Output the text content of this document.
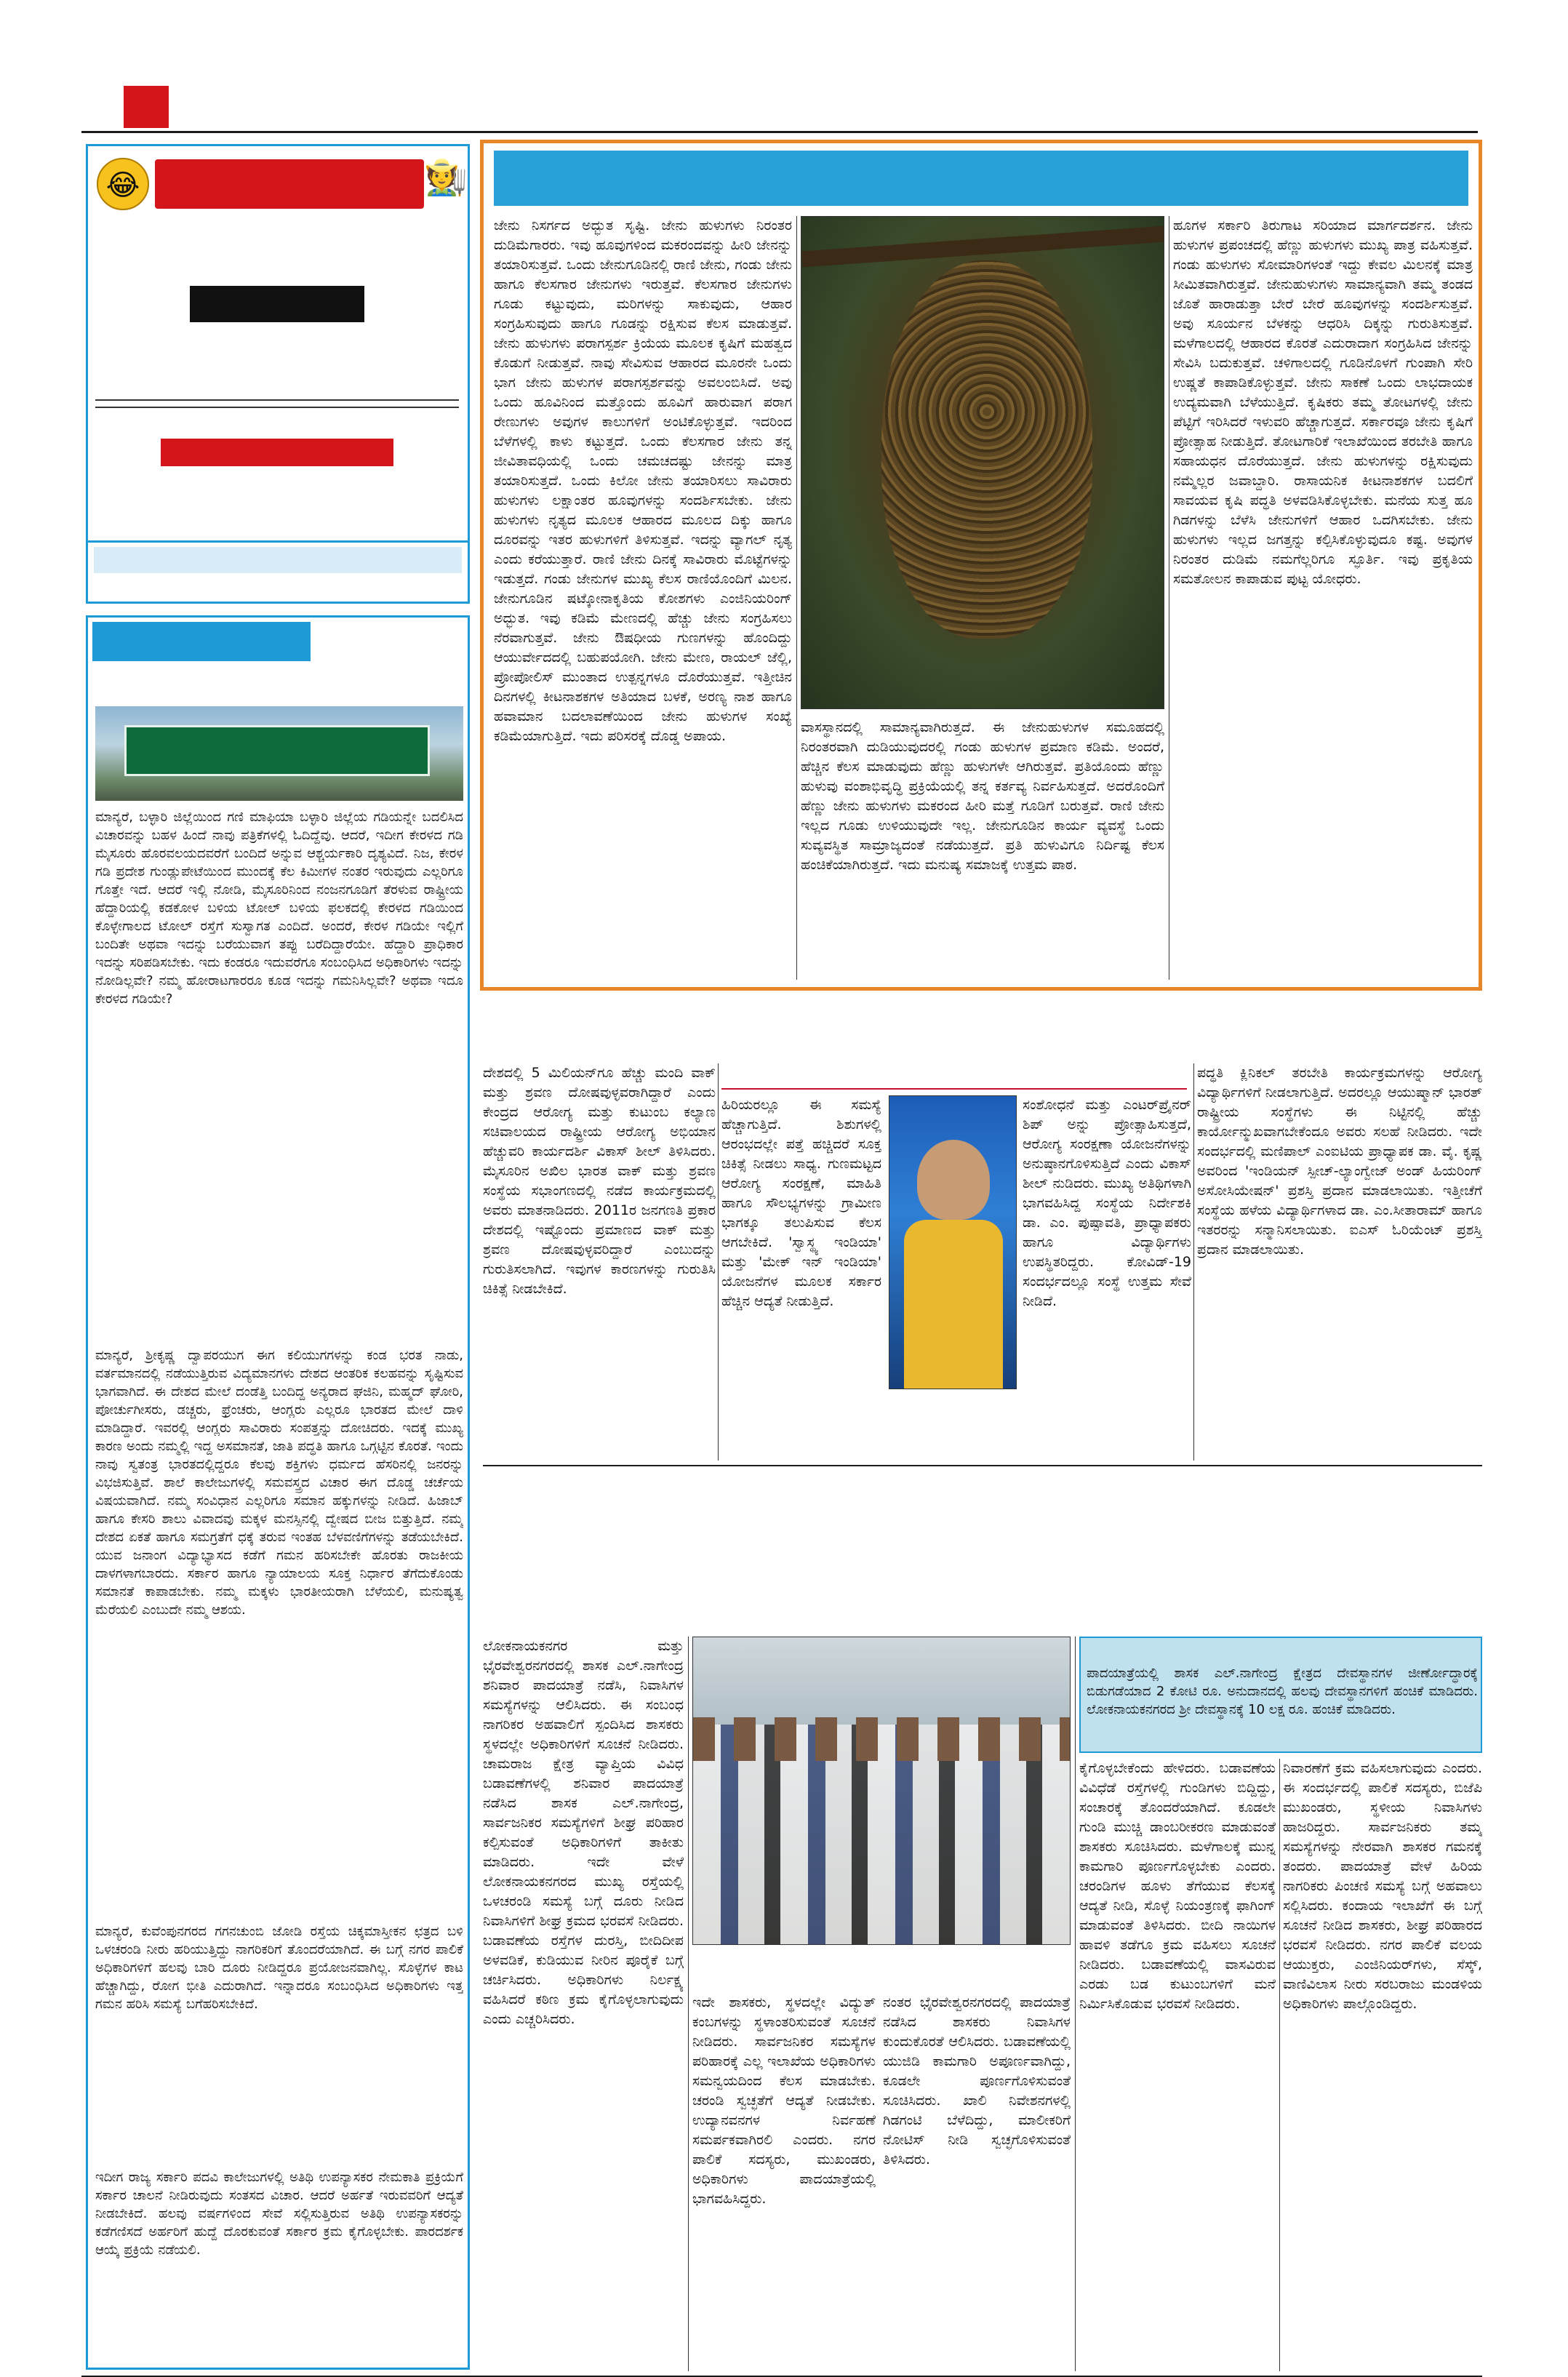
😂	🧑‍🌾
ಮಾನ್ಯರೆ, ಬಳ್ಳಾರಿ ಜಿಲ್ಲೆಯಿಂದ ಗಣಿ ಮಾಫಿಯಾ ಬಳ್ಳಾರಿ ಜಿಲ್ಲೆಯ ಗಡಿಯನ್ನೇ ಬದಲಿಸಿದ ವಿಚಾರವನ್ನು ಬಹಳ ಹಿಂದೆ ನಾವು ಪತ್ರಿಕೆಗಳಲ್ಲಿ ಓದಿದ್ದೆವು. ಆದರೆ, ಇದೀಗ ಕೇರಳದ ಗಡಿ ಮೈಸೂರು ಹೊರವಲಯದವರೆಗೆ ಬಂದಿದೆ ಅನ್ನುವ ಆಶ್ಚರ್ಯಕಾರಿ ದೃಶ್ಯವಿದೆ. ನಿಜ, ಕೇರಳ ಗಡಿ ಪ್ರದೇಶ ಗುಂಡ್ಲುಪೇಟೆಯಿಂದ ಮುಂದಕ್ಕೆ ಕೆಲ ಕಿಮೀಗಳ ನಂತರ ಇರುವುದು ಎಲ್ಲರಿಗೂ ಗೊತ್ತೇ ಇದೆ. ಆದರೆ ಇಲ್ಲಿ ನೋಡಿ, ಮೈಸೂರಿನಿಂದ ನಂಜನಗೂಡಿಗೆ ತೆರಳುವ ರಾಷ್ಟ್ರೀಯ ಹೆದ್ದಾರಿಯಲ್ಲಿ ಕಡಕೋಳ ಬಳಿಯ ಟೋಲ್ ಬಳಿಯ ಫಲಕದಲ್ಲಿ ಕೇರಳದ ಗಡಿಯಿಂದ ಕೊಳ್ಳೇಗಾಲದ ಟೋಲ್ ರಸ್ತೆಗೆ ಸುಸ್ವಾಗತ ಎಂದಿದೆ. ಅಂದರೆ, ಕೇರಳ ಗಡಿಯೇ ಇಲ್ಲಿಗೆ ಬಂದಿತೇ ಅಥವಾ ಇದನ್ನು ಬರೆಯುವಾಗ ತಪ್ಪು ಬರೆದಿದ್ದಾರೆಯೇ. ಹೆದ್ದಾರಿ ಪ್ರಾಧಿಕಾರ ಇದನ್ನು ಸರಿಪಡಿಸಬೇಕು. ಇದು ಕಂಡರೂ ಇದುವರೆಗೂ ಸಂಬಂಧಿಸಿದ ಅಧಿಕಾರಿಗಳು ಇದನ್ನು ನೋಡಿಲ್ಲವೇ? ನಮ್ಮ ಹೋರಾಟಗಾರರೂ ಕೂಡ ಇದನ್ನು ಗಮನಿಸಿಲ್ಲವೇ? ಅಥವಾ ಇದೂ ಕೇರಳದ ಗಡಿಯೇ?
ಮಾನ್ಯರೆ, ಶ್ರೀಕೃಷ್ಣ ದ್ವಾಪರಯುಗ ಈಗ ಕಲಿಯುಗಗಳನ್ನು ಕಂಡ ಭರತ ನಾಡು, ವರ್ತಮಾನದಲ್ಲಿ ನಡೆಯುತ್ತಿರುವ ವಿದ್ಯಮಾನಗಳು ದೇಶದ ಆಂತರಿಕ ಕಲಹವನ್ನು ಸೃಷ್ಟಿಸುವ ಭಾಗವಾಗಿದೆ. ಈ ದೇಶದ ಮೇಲೆ ದಂಡೆತ್ತಿ ಬಂದಿದ್ದ ಅನ್ಯರಾದ ಘಜಿನಿ, ಮಹ್ಮದ್ ಘೋರಿ, ಪೋರ್ಚುಗೀಸರು, ಡಚ್ಚರು, ಫ್ರೆಂಚರು, ಆಂಗ್ಲರು ಎಲ್ಲರೂ ಭಾರತದ ಮೇಲೆ ದಾಳಿ ಮಾಡಿದ್ದಾರೆ. ಇವರಲ್ಲಿ ಆಂಗ್ಲರು ಸಾವಿರಾರು ಸಂಪತ್ತನ್ನು ದೋಚಿದರು. ಇದಕ್ಕೆ ಮುಖ್ಯ ಕಾರಣ ಅಂದು ನಮ್ಮಲ್ಲಿ ಇದ್ದ ಅಸಮಾನತೆ, ಜಾತಿ ಪದ್ಧತಿ ಹಾಗೂ ಒಗ್ಗಟ್ಟಿನ ಕೊರತೆ. ಇಂದು ನಾವು ಸ್ವತಂತ್ರ ಭಾರತದಲ್ಲಿದ್ದರೂ ಕೆಲವು ಶಕ್ತಿಗಳು ಧರ್ಮದ ಹೆಸರಿನಲ್ಲಿ ಜನರನ್ನು ವಿಭಜಿಸುತ್ತಿವೆ. ಶಾಲೆ ಕಾಲೇಜುಗಳಲ್ಲಿ ಸಮವಸ್ತ್ರದ ವಿಚಾರ ಈಗ ದೊಡ್ಡ ಚರ್ಚೆಯ ವಿಷಯವಾಗಿದೆ. ನಮ್ಮ ಸಂವಿಧಾನ ಎಲ್ಲರಿಗೂ ಸಮಾನ ಹಕ್ಕುಗಳನ್ನು ನೀಡಿದೆ. ಹಿಜಾಬ್ ಹಾಗೂ ಕೇಸರಿ ಶಾಲು ವಿವಾದವು ಮಕ್ಕಳ ಮನಸ್ಸಿನಲ್ಲಿ ದ್ವೇಷದ ಬೀಜ ಬಿತ್ತುತ್ತಿದೆ. ನಮ್ಮ ದೇಶದ ಏಕತೆ ಹಾಗೂ ಸಮಗ್ರತೆಗೆ ಧಕ್ಕೆ ತರುವ ಇಂತಹ ಬೆಳವಣಿಗೆಗಳನ್ನು ತಡೆಯಬೇಕಿದೆ. ಯುವ ಜನಾಂಗ ವಿದ್ಯಾಭ್ಯಾಸದ ಕಡೆಗೆ ಗಮನ ಹರಿಸಬೇಕೇ ಹೊರತು ರಾಜಕೀಯ ದಾಳಗಳಾಗಬಾರದು. ಸರ್ಕಾರ ಹಾಗೂ ನ್ಯಾಯಾಲಯ ಸೂಕ್ತ ನಿರ್ಧಾರ ತೆಗೆದುಕೊಂಡು ಸಮಾನತೆ ಕಾಪಾಡಬೇಕು. ನಮ್ಮ ಮಕ್ಕಳು ಭಾರತೀಯರಾಗಿ ಬೆಳೆಯಲಿ, ಮನುಷ್ಯತ್ವ ಮೆರೆಯಲಿ ಎಂಬುದೇ ನಮ್ಮ ಆಶಯ.
ಮಾನ್ಯರೆ, ಕುವೆಂಪುನಗರದ ಗಗನಚುಂಬಿ ಜೋಡಿ ರಸ್ತೆಯ ಚಿಕ್ಕಮಾಸ್ತೀಕನ ಛತ್ರದ ಬಳಿ ಒಳಚರಂಡಿ ನೀರು ಹರಿಯುತ್ತಿದ್ದು ನಾಗರಿಕರಿಗೆ ತೊಂದರೆಯಾಗಿದೆ. ಈ ಬಗ್ಗೆ ನಗರ ಪಾಲಿಕೆ ಅಧಿಕಾರಿಗಳಿಗೆ ಹಲವು ಬಾರಿ ದೂರು ನೀಡಿದ್ದರೂ ಪ್ರಯೋಜನವಾಗಿಲ್ಲ. ಸೊಳ್ಳೆಗಳ ಕಾಟ ಹೆಚ್ಚಾಗಿದ್ದು, ರೋಗ ಭೀತಿ ಎದುರಾಗಿದೆ. ಇನ್ನಾದರೂ ಸಂಬಂಧಿಸಿದ ಅಧಿಕಾರಿಗಳು ಇತ್ತ ಗಮನ ಹರಿಸಿ ಸಮಸ್ಯೆ ಬಗೆಹರಿಸಬೇಕಿದೆ.
ಇದೀಗ ರಾಜ್ಯ ಸರ್ಕಾರಿ ಪದವಿ ಕಾಲೇಜುಗಳಲ್ಲಿ ಅತಿಥಿ ಉಪನ್ಯಾಸಕರ ನೇಮಕಾತಿ ಪ್ರಕ್ರಿಯೆಗೆ ಸರ್ಕಾರ ಚಾಲನೆ ನೀಡಿರುವುದು ಸಂತಸದ ವಿಚಾರ. ಆದರೆ ಅರ್ಹತೆ ಇರುವವರಿಗೆ ಆದ್ಯತೆ ನೀಡಬೇಕಿದೆ. ಹಲವು ವರ್ಷಗಳಿಂದ ಸೇವೆ ಸಲ್ಲಿಸುತ್ತಿರುವ ಅತಿಥಿ ಉಪನ್ಯಾಸಕರನ್ನು ಕಡೆಗಣಿಸದೆ ಅರ್ಹರಿಗೆ ಹುದ್ದೆ ದೊರಕುವಂತೆ ಸರ್ಕಾರ ಕ್ರಮ ಕೈಗೊಳ್ಳಬೇಕು. ಪಾರದರ್ಶಕ ಆಯ್ಕೆ ಪ್ರಕ್ರಿಯೆ ನಡೆಯಲಿ.
ಜೇನು ನಿಸರ್ಗದ ಅದ್ಭುತ ಸೃಷ್ಟಿ. ಜೇನು ಹುಳುಗಳು ನಿರಂತರ ದುಡಿಮೆಗಾರರು. ಇವು ಹೂವುಗಳಿಂದ ಮಕರಂದವನ್ನು ಹೀರಿ ಜೇನನ್ನು ತಯಾರಿಸುತ್ತವೆ. ಒಂದು ಜೇನುಗೂಡಿನಲ್ಲಿ ರಾಣಿ ಜೇನು, ಗಂಡು ಜೇನು ಹಾಗೂ ಕೆಲಸಗಾರ ಜೇನುಗಳು ಇರುತ್ತವೆ. ಕೆಲಸಗಾರ ಜೇನುಗಳು ಗೂಡು ಕಟ್ಟುವುದು, ಮರಿಗಳನ್ನು ಸಾಕುವುದು, ಆಹಾರ ಸಂಗ್ರಹಿಸುವುದು ಹಾಗೂ ಗೂಡನ್ನು ರಕ್ಷಿಸುವ ಕೆಲಸ ಮಾಡುತ್ತವೆ. ಜೇನು ಹುಳುಗಳು ಪರಾಗಸ್ಪರ್ಶ ಕ್ರಿಯೆಯ ಮೂಲಕ ಕೃಷಿಗೆ ಮಹತ್ವದ ಕೊಡುಗೆ ನೀಡುತ್ತವೆ. ನಾವು ಸೇವಿಸುವ ಆಹಾರದ ಮೂರನೇ ಒಂದು ಭಾಗ ಜೇನು ಹುಳುಗಳ ಪರಾಗಸ್ಪರ್ಶವನ್ನು ಅವಲಂಬಿಸಿದೆ. ಅವು ಒಂದು ಹೂವಿನಿಂದ ಮತ್ತೊಂದು ಹೂವಿಗೆ ಹಾರುವಾಗ ಪರಾಗ ರೇಣುಗಳು ಅವುಗಳ ಕಾಲುಗಳಿಗೆ ಅಂಟಿಕೊಳ್ಳುತ್ತವೆ. ಇದರಿಂದ ಬೆಳೆಗಳಲ್ಲಿ ಕಾಳು ಕಟ್ಟುತ್ತದೆ. ಒಂದು ಕೆಲಸಗಾರ ಜೇನು ತನ್ನ ಜೀವಿತಾವಧಿಯಲ್ಲಿ ಒಂದು ಚಮಚದಷ್ಟು ಜೇನನ್ನು ಮಾತ್ರ ತಯಾರಿಸುತ್ತದೆ. ಒಂದು ಕಿಲೋ ಜೇನು ತಯಾರಿಸಲು ಸಾವಿರಾರು ಹುಳುಗಳು ಲಕ್ಷಾಂತರ ಹೂವುಗಳನ್ನು ಸಂದರ್ಶಿಸಬೇಕು. ಜೇನು ಹುಳುಗಳು ನೃತ್ಯದ ಮೂಲಕ ಆಹಾರದ ಮೂಲದ ದಿಕ್ಕು ಹಾಗೂ ದೂರವನ್ನು ಇತರ ಹುಳುಗಳಿಗೆ ತಿಳಿಸುತ್ತವೆ. ಇದನ್ನು ವ್ಯಾಗಲ್ ನೃತ್ಯ ಎಂದು ಕರೆಯುತ್ತಾರೆ. ರಾಣಿ ಜೇನು ದಿನಕ್ಕೆ ಸಾವಿರಾರು ಮೊಟ್ಟೆಗಳನ್ನು ಇಡುತ್ತದೆ. ಗಂಡು ಜೇನುಗಳ ಮುಖ್ಯ ಕೆಲಸ ರಾಣಿಯೊಂದಿಗೆ ಮಿಲನ. ಜೇನುಗೂಡಿನ ಷಟ್ಕೋನಾಕೃತಿಯ ಕೋಶಗಳು ಎಂಜಿನಿಯರಿಂಗ್ ಅದ್ಭುತ. ಇವು ಕಡಿಮೆ ಮೇಣದಲ್ಲಿ ಹೆಚ್ಚು ಜೇನು ಸಂಗ್ರಹಿಸಲು ನೆರವಾಗುತ್ತವೆ. ಜೇನು ಔಷಧೀಯ ಗುಣಗಳನ್ನು ಹೊಂದಿದ್ದು ಆಯುರ್ವೇದದಲ್ಲಿ ಬಹುಪಯೋಗಿ. ಜೇನು ಮೇಣ, ರಾಯಲ್ ಜೆಲ್ಲಿ, ಪ್ರೋಪೋಲಿಸ್ ಮುಂತಾದ ಉತ್ಪನ್ನಗಳೂ ದೊರೆಯುತ್ತವೆ. ಇತ್ತೀಚಿನ ದಿನಗಳಲ್ಲಿ ಕೀಟನಾಶಕಗಳ ಅತಿಯಾದ ಬಳಕೆ, ಅರಣ್ಯ ನಾಶ ಹಾಗೂ ಹವಾಮಾನ ಬದಲಾವಣೆಯಿಂದ ಜೇನು ಹುಳುಗಳ ಸಂಖ್ಯೆ ಕಡಿಮೆಯಾಗುತ್ತಿದೆ. ಇದು ಪರಿಸರಕ್ಕೆ ದೊಡ್ಡ ಅಪಾಯ.
ವಾಸಸ್ಥಾನದಲ್ಲಿ ಸಾಮಾನ್ಯವಾಗಿರುತ್ತದೆ. ಈ ಜೇನುಹುಳುಗಳ ಸಮೂಹದಲ್ಲಿ ನಿರಂತರವಾಗಿ ದುಡಿಯುವುದರಲ್ಲಿ ಗಂಡು ಹುಳುಗಳ ಪ್ರಮಾಣ ಕಡಿಮೆ. ಅಂದರೆ, ಹೆಚ್ಚಿನ ಕೆಲಸ ಮಾಡುವುದು ಹೆಣ್ಣು ಹುಳುಗಳೇ ಆಗಿರುತ್ತವೆ. ಪ್ರತಿಯೊಂದು ಹೆಣ್ಣು ಹುಳುವು ವಂಶಾಭಿವೃದ್ಧಿ ಪ್ರಕ್ರಿಯೆಯಲ್ಲಿ ತನ್ನ ಕರ್ತವ್ಯ ನಿರ್ವಹಿಸುತ್ತದೆ. ಅದರೊಂದಿಗೆ ಹೆಣ್ಣು ಜೇನು ಹುಳುಗಳು ಮಕರಂದ ಹೀರಿ ಮತ್ತೆ ಗೂಡಿಗೆ ಬರುತ್ತವೆ. ರಾಣಿ ಜೇನು ಇಲ್ಲದ ಗೂಡು ಉಳಿಯುವುದೇ ಇಲ್ಲ. ಜೇನುಗೂಡಿನ ಕಾರ್ಯ ವ್ಯವಸ್ಥೆ ಒಂದು ಸುವ್ಯವಸ್ಥಿತ ಸಾಮ್ರಾಜ್ಯದಂತೆ ನಡೆಯುತ್ತದೆ. ಪ್ರತಿ ಹುಳುವಿಗೂ ನಿರ್ದಿಷ್ಟ ಕೆಲಸ ಹಂಚಿಕೆಯಾಗಿರುತ್ತದೆ. ಇದು ಮನುಷ್ಯ ಸಮಾಜಕ್ಕೆ ಉತ್ತಮ ಪಾಠ.
ಹೂಗಳ ಸರ್ಕಾರಿ ತಿರುಗಾಟ ಸರಿಯಾದ ಮಾರ್ಗದರ್ಶನ. ಜೇನು ಹುಳುಗಳ ಪ್ರಪಂಚದಲ್ಲಿ ಹೆಣ್ಣು ಹುಳುಗಳು ಮುಖ್ಯ ಪಾತ್ರ ವಹಿಸುತ್ತವೆ. ಗಂಡು ಹುಳುಗಳು ಸೋಮಾರಿಗಳಂತೆ ಇದ್ದು ಕೇವಲ ಮಿಲನಕ್ಕೆ ಮಾತ್ರ ಸೀಮಿತವಾಗಿರುತ್ತವೆ. ಜೇನುಹುಳುಗಳು ಸಾಮಾನ್ಯವಾಗಿ ತಮ್ಮ ತಂಡದ ಜೊತೆ ಹಾರಾಡುತ್ತಾ ಬೇರೆ ಬೇರೆ ಹೂವುಗಳನ್ನು ಸಂದರ್ಶಿಸುತ್ತವೆ. ಅವು ಸೂರ್ಯನ ಬೆಳಕನ್ನು ಆಧರಿಸಿ ದಿಕ್ಕನ್ನು ಗುರುತಿಸುತ್ತವೆ. ಮಳೆಗಾಲದಲ್ಲಿ ಆಹಾರದ ಕೊರತೆ ಎದುರಾದಾಗ ಸಂಗ್ರಹಿಸಿದ ಜೇನನ್ನು ಸೇವಿಸಿ ಬದುಕುತ್ತವೆ. ಚಳಿಗಾಲದಲ್ಲಿ ಗೂಡಿನೊಳಗೆ ಗುಂಪಾಗಿ ಸೇರಿ ಉಷ್ಣತೆ ಕಾಪಾಡಿಕೊಳ್ಳುತ್ತವೆ. ಜೇನು ಸಾಕಣೆ ಒಂದು ಲಾಭದಾಯಕ ಉದ್ಯಮವಾಗಿ ಬೆಳೆಯುತ್ತಿದೆ. ಕೃಷಿಕರು ತಮ್ಮ ತೋಟಗಳಲ್ಲಿ ಜೇನು ಪೆಟ್ಟಿಗೆ ಇರಿಸಿದರೆ ಇಳುವರಿ ಹೆಚ್ಚಾಗುತ್ತದೆ. ಸರ್ಕಾರವೂ ಜೇನು ಕೃಷಿಗೆ ಪ್ರೋತ್ಸಾಹ ನೀಡುತ್ತಿದೆ. ತೋಟಗಾರಿಕೆ ಇಲಾಖೆಯಿಂದ ತರಬೇತಿ ಹಾಗೂ ಸಹಾಯಧನ ದೊರೆಯುತ್ತದೆ. ಜೇನು ಹುಳುಗಳನ್ನು ರಕ್ಷಿಸುವುದು ನಮ್ಮೆಲ್ಲರ ಜವಾಬ್ದಾರಿ. ರಾಸಾಯನಿಕ ಕೀಟನಾಶಕಗಳ ಬದಲಿಗೆ ಸಾವಯವ ಕೃಷಿ ಪದ್ಧತಿ ಅಳವಡಿಸಿಕೊಳ್ಳಬೇಕು. ಮನೆಯ ಸುತ್ತ ಹೂ ಗಿಡಗಳನ್ನು ಬೆಳೆಸಿ ಜೇನುಗಳಿಗೆ ಆಹಾರ ಒದಗಿಸಬೇಕು. ಜೇನು ಹುಳುಗಳು ಇಲ್ಲದ ಜಗತ್ತನ್ನು ಕಲ್ಪಿಸಿಕೊಳ್ಳುವುದೂ ಕಷ್ಟ. ಅವುಗಳ ನಿರಂತರ ದುಡಿಮೆ ನಮಗೆಲ್ಲರಿಗೂ ಸ್ಫೂರ್ತಿ. ಇವು ಪ್ರಕೃತಿಯ ಸಮತೋಲನ ಕಾಪಾಡುವ ಪುಟ್ಟ ಯೋಧರು.
ದೇಶದಲ್ಲಿ 5 ಮಿಲಿಯನ್‌ಗೂ ಹೆಚ್ಚು ಮಂದಿ ವಾಕ್ ಮತ್ತು ಶ್ರವಣ ದೋಷವುಳ್ಳವರಾಗಿದ್ದಾರೆ ಎಂದು ಕೇಂದ್ರದ ಆರೋಗ್ಯ ಮತ್ತು ಕುಟುಂಬ ಕಲ್ಯಾಣ ಸಚಿವಾಲಯದ ರಾಷ್ಟ್ರೀಯ ಆರೋಗ್ಯ ಅಭಿಯಾನ ಹೆಚ್ಚುವರಿ ಕಾರ್ಯದರ್ಶಿ ವಿಕಾಸ್ ಶೀಲ್ ತಿಳಿಸಿದರು. ಮೈಸೂರಿನ ಅಖಿಲ ಭಾರತ ವಾಕ್ ಮತ್ತು ಶ್ರವಣ ಸಂಸ್ಥೆಯ ಸಭಾಂಗಣದಲ್ಲಿ ನಡೆದ ಕಾರ್ಯಕ್ರಮದಲ್ಲಿ ಅವರು ಮಾತನಾಡಿದರು. 2011ರ ಜನಗಣತಿ ಪ್ರಕಾರ ದೇಶದಲ್ಲಿ ಇಷ್ಟೊಂದು ಪ್ರಮಾಣದ ವಾಕ್ ಮತ್ತು ಶ್ರವಣ ದೋಷವುಳ್ಳವರಿದ್ದಾರೆ ಎಂಬುದನ್ನು ಗುರುತಿಸಲಾಗಿದೆ. ಇವುಗಳ ಕಾರಣಗಳನ್ನು ಗುರುತಿಸಿ ಚಿಕಿತ್ಸೆ ನೀಡಬೇಕಿದೆ.
ಹಿರಿಯರಲ್ಲೂ ಈ ಸಮಸ್ಯೆ ಹೆಚ್ಚಾಗುತ್ತಿದೆ. ಶಿಶುಗಳಲ್ಲಿ ಆರಂಭದಲ್ಲೇ ಪತ್ತೆ ಹಚ್ಚಿದರೆ ಸೂಕ್ತ ಚಿಕಿತ್ಸೆ ನೀಡಲು ಸಾಧ್ಯ. ಗುಣಮಟ್ಟದ ಆರೋಗ್ಯ ಸಂರಕ್ಷಣೆ, ಮಾಹಿತಿ ಹಾಗೂ ಸೌಲಭ್ಯಗಳನ್ನು ಗ್ರಾಮೀಣ ಭಾಗಕ್ಕೂ ತಲುಪಿಸುವ ಕೆಲಸ ಆಗಬೇಕಿದೆ. 'ಸ್ವಾಸ್ಥ್ಯ ಇಂಡಿಯಾ' ಮತ್ತು 'ಮೇಕ್ ಇನ್ ಇಂಡಿಯಾ' ಯೋಜನೆಗಳ ಮೂಲಕ ಸರ್ಕಾರ ಹೆಚ್ಚಿನ ಆದ್ಯತೆ ನೀಡುತ್ತಿದೆ.
ಸಂಶೋಧನೆ ಮತ್ತು ಎಂಟರ್‌ಪ್ರೈನರ್ ಶಿಪ್ ಅನ್ನು ಪ್ರೋತ್ಸಾಹಿಸುತ್ತದೆ, ಆರೋಗ್ಯ ಸಂರಕ್ಷಣಾ ಯೋಜನೆಗಳನ್ನು ಅನುಷ್ಠಾನಗೊಳಿಸುತ್ತಿದೆ ಎಂದು ವಿಕಾಸ್ ಶೀಲ್ ನುಡಿದರು. ಮುಖ್ಯ ಅತಿಥಿಗಳಾಗಿ ಭಾಗವಹಿಸಿದ್ದ ಸಂಸ್ಥೆಯ ನಿರ್ದೇಶಕಿ ಡಾ. ಎಂ. ಪುಷ್ಪಾವತಿ, ಪ್ರಾಧ್ಯಾಪಕರು ಹಾಗೂ ವಿದ್ಯಾರ್ಥಿಗಳು ಉಪಸ್ಥಿತರಿದ್ದರು. ಕೋವಿಡ್-19 ಸಂದರ್ಭದಲ್ಲೂ ಸಂಸ್ಥೆ ಉತ್ತಮ ಸೇವೆ ನೀಡಿದೆ.
ಪದ್ಧತಿ ಕ್ಲಿನಿಕಲ್ ತರಬೇತಿ ಕಾರ್ಯಕ್ರಮಗಳನ್ನು ಆರೋಗ್ಯ ವಿದ್ಯಾರ್ಥಿಗಳಿಗೆ ನೀಡಲಾಗುತ್ತಿದೆ. ಅದರಲ್ಲೂ ಆಯುಷ್ಮಾನ್ ಭಾರತ್ ರಾಷ್ಟ್ರೀಯ ಸಂಸ್ಥೆಗಳು ಈ ನಿಟ್ಟಿನಲ್ಲಿ ಹೆಚ್ಚು ಕಾರ್ಯೋನ್ಮುಖವಾಗಬೇಕೆಂದೂ ಅವರು ಸಲಹೆ ನೀಡಿದರು. ಇದೇ ಸಂದರ್ಭದಲ್ಲಿ ಮಣಿಪಾಲ್ ಎಂಐಟಿಯ ಪ್ರಾಧ್ಯಾಪಕ ಡಾ. ವೈ. ಕೃಷ್ಣ ಅವರಿಂದ 'ಇಂಡಿಯನ್ ಸ್ಪೀಚ್-ಲ್ಯಾಂಗ್ವೇಜ್ ಅಂಡ್ ಹಿಯರಿಂಗ್ ಅಸೋಸಿಯೇಷನ್' ಪ್ರಶಸ್ತಿ ಪ್ರದಾನ ಮಾಡಲಾಯಿತು. ಇತ್ತೀಚೆಗೆ ಸಂಸ್ಥೆಯ ಹಳೆಯ ವಿದ್ಯಾರ್ಥಿಗಳಾದ ಡಾ. ಎಂ.ಸೀತಾರಾಮ್ ಹಾಗೂ ಇತರರನ್ನು ಸನ್ಮಾನಿಸಲಾಯಿತು. ಐಎಸ್ ಓರಿಯೆಂಟ್ ಪ್ರಶಸ್ತಿ ಪ್ರದಾನ ಮಾಡಲಾಯಿತು.
ಲೋಕನಾಯಕನಗರ ಮತ್ತು ಭೈರವೇಶ್ವರನಗರದಲ್ಲಿ ಶಾಸಕ ಎಲ್.ನಾಗೇಂದ್ರ ಶನಿವಾರ ಪಾದಯಾತ್ರೆ ನಡೆಸಿ, ನಿವಾಸಿಗಳ ಸಮಸ್ಯೆಗಳನ್ನು ಆಲಿಸಿದರು. ಈ ಸಂಬಂಧ ನಾಗರಿಕರ ಅಹವಾಲಿಗೆ ಸ್ಪಂದಿಸಿದ ಶಾಸಕರು ಸ್ಥಳದಲ್ಲೇ ಅಧಿಕಾರಿಗಳಿಗೆ ಸೂಚನೆ ನೀಡಿದರು. ಚಾಮರಾಜ ಕ್ಷೇತ್ರ ವ್ಯಾಪ್ತಿಯ ವಿವಿಧ ಬಡಾವಣೆಗಳಲ್ಲಿ ಶನಿವಾರ ಪಾದಯಾತ್ರೆ ನಡೆಸಿದ ಶಾಸಕ ಎಲ್.ನಾಗೇಂದ್ರ, ಸಾರ್ವಜನಿಕರ ಸಮಸ್ಯೆಗಳಿಗೆ ಶೀಘ್ರ ಪರಿಹಾರ ಕಲ್ಪಿಸುವಂತೆ ಅಧಿಕಾರಿಗಳಿಗೆ ತಾಕೀತು ಮಾಡಿದರು. ಇದೇ ವೇಳೆ ಲೋಕನಾಯಕನಗರದ ಮುಖ್ಯ ರಸ್ತೆಯಲ್ಲಿ ಒಳಚರಂಡಿ ಸಮಸ್ಯೆ ಬಗ್ಗೆ ದೂರು ನೀಡಿದ ನಿವಾಸಿಗಳಿಗೆ ಶೀಘ್ರ ಕ್ರಮದ ಭರವಸೆ ನೀಡಿದರು. ಬಡಾವಣೆಯ ರಸ್ತೆಗಳ ದುರಸ್ತಿ, ಬೀದಿದೀಪ ಅಳವಡಿಕೆ, ಕುಡಿಯುವ ನೀರಿನ ಪೂರೈಕೆ ಬಗ್ಗೆ ಚರ್ಚಿಸಿದರು. ಅಧಿಕಾರಿಗಳು ನಿರ್ಲಕ್ಷ್ಯ ವಹಿಸಿದರೆ ಕಠಿಣ ಕ್ರಮ ಕೈಗೊಳ್ಳಲಾಗುವುದು ಎಂದು ಎಚ್ಚರಿಸಿದರು.
ಇದೇ ಶಾಸಕರು, ಸ್ಥಳದಲ್ಲೇ ವಿದ್ಯುತ್ ಕಂಬಗಳನ್ನು ಸ್ಥಳಾಂತರಿಸುವಂತೆ ಸೂಚನೆ ನೀಡಿದರು. ಸಾರ್ವಜನಿಕರ ಸಮಸ್ಯೆಗಳ ಪರಿಹಾರಕ್ಕೆ ಎಲ್ಲ ಇಲಾಖೆಯ ಅಧಿಕಾರಿಗಳು ಸಮನ್ವಯದಿಂದ ಕೆಲಸ ಮಾಡಬೇಕು. ಚರಂಡಿ ಸ್ವಚ್ಛತೆಗೆ ಆದ್ಯತೆ ನೀಡಬೇಕು. ಉದ್ಯಾನವನಗಳ ನಿರ್ವಹಣೆ ಸಮರ್ಪಕವಾಗಿರಲಿ ಎಂದರು. ನಗರ ಪಾಲಿಕೆ ಸದಸ್ಯರು, ಮುಖಂಡರು, ಅಧಿಕಾರಿಗಳು ಪಾದಯಾತ್ರೆಯಲ್ಲಿ ಭಾಗವಹಿಸಿದ್ದರು.
ನಂತರ ಭೈರವೇಶ್ವರನಗರದಲ್ಲಿ ಪಾದಯಾತ್ರೆ ನಡೆಸಿದ ಶಾಸಕರು ನಿವಾಸಿಗಳ ಕುಂದುಕೊರತೆ ಆಲಿಸಿದರು. ಬಡಾವಣೆಯಲ್ಲಿ ಯುಜಿಡಿ ಕಾಮಗಾರಿ ಅಪೂರ್ಣವಾಗಿದ್ದು, ಕೂಡಲೇ ಪೂರ್ಣಗೊಳಿಸುವಂತೆ ಸೂಚಿಸಿದರು. ಖಾಲಿ ನಿವೇಶನಗಳಲ್ಲಿ ಗಿಡಗಂಟಿ ಬೆಳೆದಿದ್ದು, ಮಾಲೀಕರಿಗೆ ನೋಟಿಸ್ ನೀಡಿ ಸ್ವಚ್ಛಗೊಳಿಸುವಂತೆ ತಿಳಿಸಿದರು.
ಪಾದಯಾತ್ರೆಯಲ್ಲಿ ಶಾಸಕ ಎಲ್.ನಾಗೇಂದ್ರ ಕ್ಷೇತ್ರದ ದೇವಸ್ಥಾನಗಳ ಜೀರ್ಣೋದ್ಧಾರಕ್ಕೆ ಬಿಡುಗಡೆಯಾದ 2 ಕೋಟಿ ರೂ. ಅನುದಾನದಲ್ಲಿ ಹಲವು ದೇವಸ್ಥಾನಗಳಿಗೆ ಹಂಚಿಕೆ ಮಾಡಿದರು. ಲೋಕನಾಯಕನಗರದ ಶ್ರೀ ದೇವಸ್ಥಾನಕ್ಕೆ 10 ಲಕ್ಷ ರೂ. ಹಂಚಿಕೆ ಮಾಡಿದರು.
ಕೈಗೊಳ್ಳಬೇಕೆಂದು ಹೇಳಿದರು. ಬಡಾವಣೆಯ ವಿವಿಧೆಡೆ ರಸ್ತೆಗಳಲ್ಲಿ ಗುಂಡಿಗಳು ಬಿದ್ದಿದ್ದು, ಸಂಚಾರಕ್ಕೆ ತೊಂದರೆಯಾಗಿದೆ. ಕೂಡಲೇ ಗುಂಡಿ ಮುಚ್ಚಿ ಡಾಂಬರೀಕರಣ ಮಾಡುವಂತೆ ಶಾಸಕರು ಸೂಚಿಸಿದರು. ಮಳೆಗಾಲಕ್ಕೆ ಮುನ್ನ ಕಾಮಗಾರಿ ಪೂರ್ಣಗೊಳ್ಳಬೇಕು ಎಂದರು. ಚರಂಡಿಗಳ ಹೂಳು ತೆಗೆಯುವ ಕೆಲಸಕ್ಕೆ ಆದ್ಯತೆ ನೀಡಿ, ಸೊಳ್ಳೆ ನಿಯಂತ್ರಣಕ್ಕೆ ಫಾಗಿಂಗ್ ಮಾಡುವಂತೆ ತಿಳಿಸಿದರು. ಬೀದಿ ನಾಯಿಗಳ ಹಾವಳಿ ತಡೆಗೂ ಕ್ರಮ ವಹಿಸಲು ಸೂಚನೆ ನೀಡಿದರು. ಬಡಾವಣೆಯಲ್ಲಿ ವಾಸವಿರುವ ಎರಡು ಬಡ ಕುಟುಂಬಗಳಿಗೆ ಮನೆ ನಿರ್ಮಿಸಿಕೊಡುವ ಭರವಸೆ ನೀಡಿದರು.
ನಿವಾರಣೆಗೆ ಕ್ರಮ ವಹಿಸಲಾಗುವುದು ಎಂದರು. ಈ ಸಂದರ್ಭದಲ್ಲಿ ಪಾಲಿಕೆ ಸದಸ್ಯರು, ಬಿಜೆಪಿ ಮುಖಂಡರು, ಸ್ಥಳೀಯ ನಿವಾಸಿಗಳು ಹಾಜರಿದ್ದರು. ಸಾರ್ವಜನಿಕರು ತಮ್ಮ ಸಮಸ್ಯೆಗಳನ್ನು ನೇರವಾಗಿ ಶಾಸಕರ ಗಮನಕ್ಕೆ ತಂದರು. ಪಾದಯಾತ್ರೆ ವೇಳೆ ಹಿರಿಯ ನಾಗರಿಕರು ಪಿಂಚಣಿ ಸಮಸ್ಯೆ ಬಗ್ಗೆ ಅಹವಾಲು ಸಲ್ಲಿಸಿದರು. ಕಂದಾಯ ಇಲಾಖೆಗೆ ಈ ಬಗ್ಗೆ ಸೂಚನೆ ನೀಡಿದ ಶಾಸಕರು, ಶೀಘ್ರ ಪರಿಹಾರದ ಭರವಸೆ ನೀಡಿದರು. ನಗರ ಪಾಲಿಕೆ ವಲಯ ಆಯುಕ್ತರು, ಎಂಜಿನಿಯರ್‌ಗಳು, ಸೆಸ್ಕ್, ವಾಣಿವಿಲಾಸ ನೀರು ಸರಬರಾಜು ಮಂಡಳಿಯ ಅಧಿಕಾರಿಗಳು ಪಾಲ್ಗೊಂಡಿದ್ದರು.
